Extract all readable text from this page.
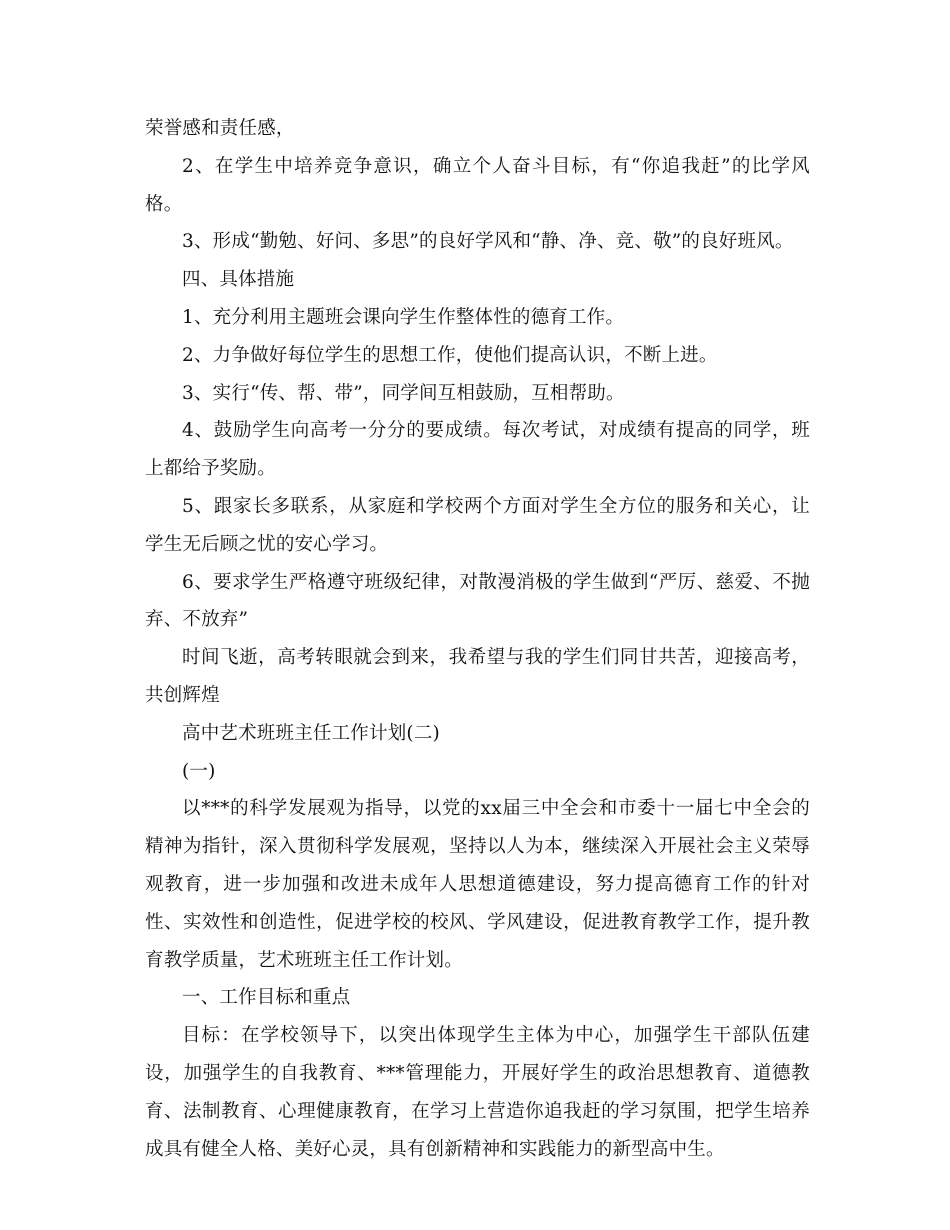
荣誉感和责任感，

2、在学生中培养竞争意识，确立个人奋斗目标，有“你追我赶”的比学风格。

3、形成“勤勉、好问、多思”的良好学风和“静、净、竞、敬”的良好班风。

四、具体措施

1、充分利用主题班会课向学生作整体性的德育工作。

2、力争做好每位学生的思想工作，使他们提高认识，不断上进。

3、实行“传、帮、带”，同学间互相鼓励，互相帮助。

4、鼓励学生向高考一分分的要成绩。每次考试，对成绩有提高的同学，班上都给予奖励。

5、跟家长多联系，从家庭和学校两个方面对学生全方位的服务和关心，让学生无后顾之忧的安心学习。

6、要求学生严格遵守班级纪律，对散漫消极的学生做到“严厉、慈爱、不抛弃、不放弃”

时间飞逝，高考转眼就会到来，我希望与我的学生们同甘共苦，迎接高考，共创辉煌

高中艺术班班主任工作计划(二)

(一)

以***的科学发展观为指导，以党的xx届三中全会和市委十一届七中全会的精神为指针，深入贯彻科学发展观，坚持以人为本，继续深入开展社会主义荣辱观教育，进一步加强和改进未成年人思想道德建设，努力提高德育工作的针对性、实效性和创造性，促进学校的校风、学风建设，促进教育教学工作，提升教育教学质量，艺术班班主任工作计划。

一、工作目标和重点

目标：在学校领导下，以突出体现学生主体为中心，加强学生干部队伍建设，加强学生的自我教育、***管理能力，开展好学生的政治思想教育、道德教育、法制教育、心理健康教育，在学习上营造你追我赶的学习氛围，把学生培养成具有健全人格、美好心灵，具有创新精神和实践能力的新型高中生。
